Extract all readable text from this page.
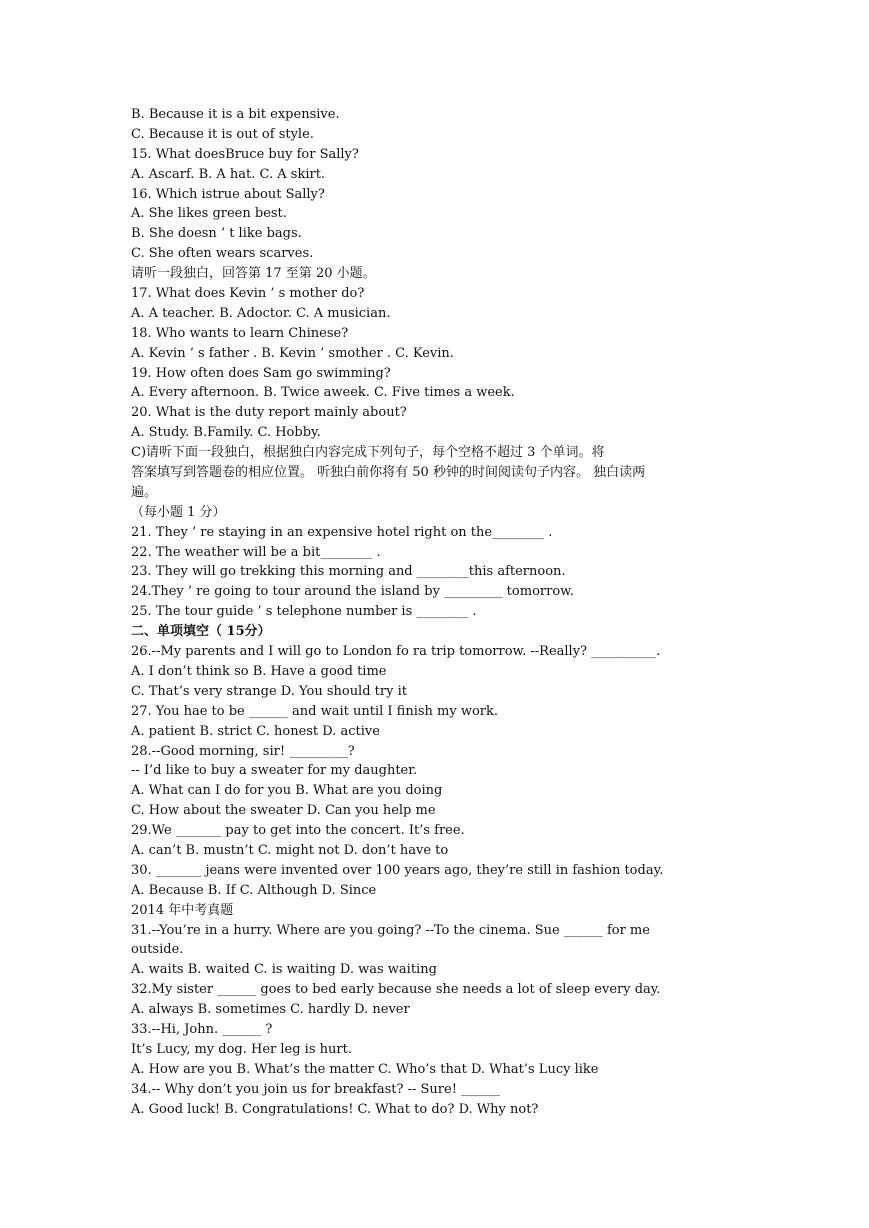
B. Because it is a bit expensive.
C. Because it is out of style.
15. What doesBruce buy for Sally?
A. Ascarf. B. A hat. C. A skirt.
16. Which istrue about Sally?
A. She likes green best.
B. She doesn ’ t like bags.
C. She often wears scarves.
请听一段独白，回答第 17 至第 20 小题。
17. What does Kevin ’ s mother do?
A. A teacher. B. Adoctor. C. A musician.
18. Who wants to learn Chinese?
A. Kevin ’ s father . B. Kevin ’ smother . C. Kevin.
19. How often does Sam go swimming?
A. Every afternoon. B. Twice aweek. C. Five times a week.
20. What is the duty report mainly about?
A. Study. B.Family. C. Hobby.
C)请听下面一段独白，根据独白内容完成下列句子，每个空格不超过 3 个单词。将
答案填写到答题卷的相应位置。 听独白前你将有 50 秒钟的时间阅读句子内容。 独白读两
遍。
（每小题 1 分）
21. They ’ re staying in an expensive hotel right on the________ .
22. The weather will be a bit________ .
23. They will go trekking this morning and ________this afternoon.
24.They ’ re going to tour around the island by _________ tomorrow.
25. The tour guide ’ s telephone number is ________ .
二、单项填空（ 15分）
26.--My parents and I will go to London fo ra trip tomorrow. --Really? __________.
A. I don’t think so B. Have a good time
C. That’s very strange D. You should try it
27. You hae to be ______ and wait until I finish my work.
A. patient B. strict C. honest D. active
28.--Good morning, sir! _________?
-- I’d like to buy a sweater for my daughter.
A. What can I do for you B. What are you doing
C. How about the sweater D. Can you help me
29.We _______ pay to get into the concert. It’s free.
A. can’t B. mustn’t C. might not D. don’t have to
30. _______ jeans were invented over 100 years ago, they’re still in fashion today.
A. Because B. If C. Although D. Since
2014 年中考真题
31.--You’re in a hurry. Where are you going? --To the cinema. Sue ______ for me
outside.
A. waits B. waited C. is waiting D. was waiting
32.My sister ______ goes to bed early because she needs a lot of sleep every day.
A. always B. sometimes C. hardly D. never
33.--Hi, John. ______ ?
It’s Lucy, my dog. Her leg is hurt.
A. How are you B. What’s the matter C. Who’s that D. What’s Lucy like
34.-- Why don’t you join us for breakfast? -- Sure! ______
A. Good luck! B. Congratulations! C. What to do? D. Why not?
